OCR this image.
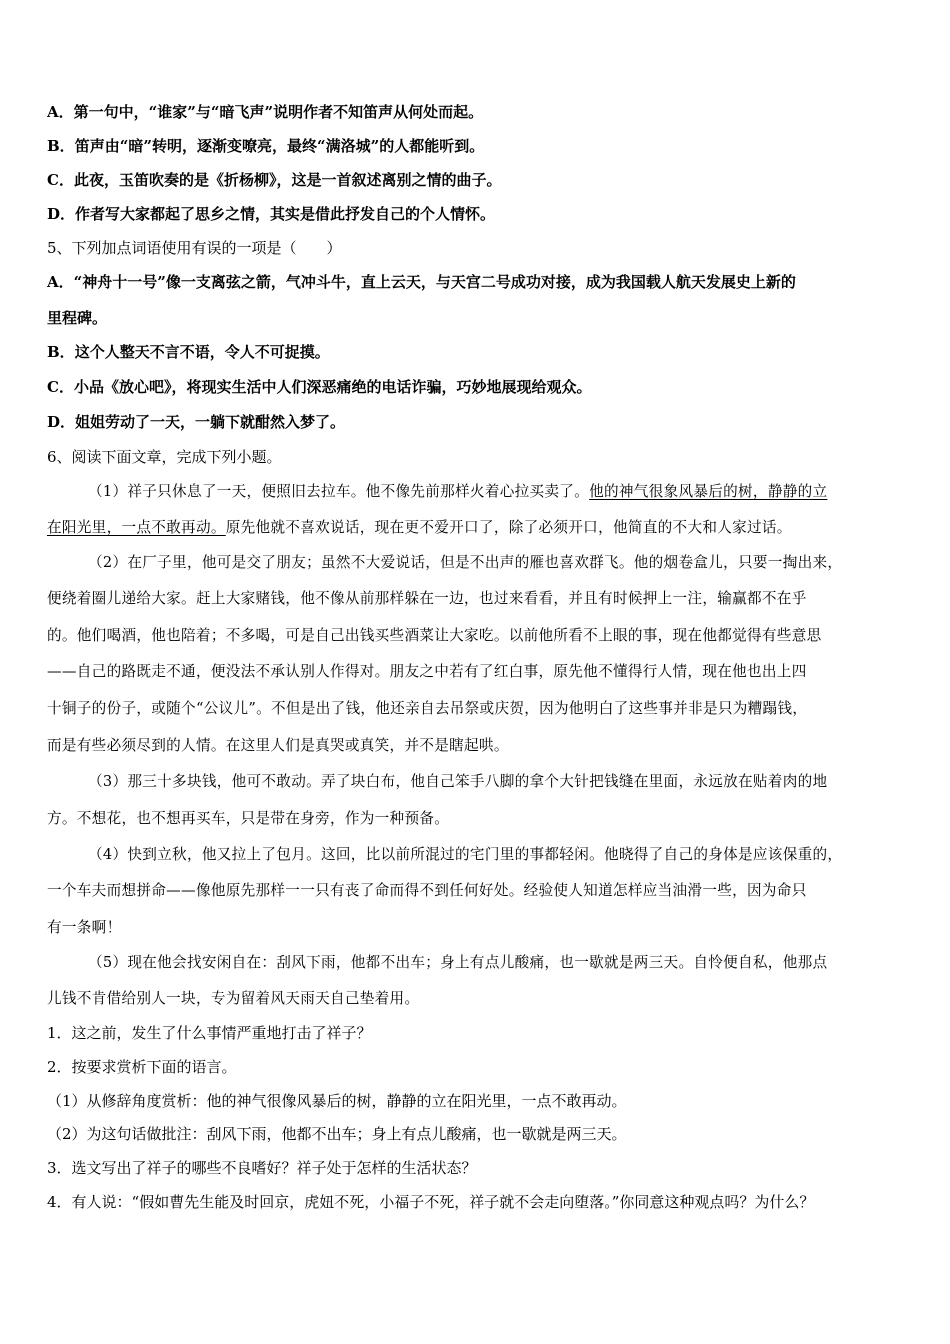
A．第一句中，“谁家”与“暗飞声”说明作者不知笛声从何处而起。
B．笛声由“暗”转明，逐渐变嘹亮，最终“满洛城”的人都能听到。
C．此夜，玉笛吹奏的是《折杨柳》，这是一首叙述离别之情的曲子。
D．作者写大家都起了思乡之情，其实是借此抒发自己的个人情怀。
5、下列加点词语使用有误的一项是（　　）
A．“神舟十一号”像一支离弦之箭，气冲斗牛，直上云天，与天宫二号成功对接，成为我国载人航天发展史上新的
里程碑。
B．这个人整天不言不语，令人不可捉摸。
C．小品《放心吧》，将现实生活中人们深恶痛绝的电话诈骗，巧妙地展现给观众。
D．姐姐劳动了一天，一躺下就酣然入梦了。
6、阅读下面文章，完成下列小题。
（1）祥子只休息了一天，便照旧去拉车。他不像先前那样火着心拉买卖了。他的神气很象风暴后的树，静静的立
在阳光里，一点不敢再动。原先他就不喜欢说话，现在更不爱开口了，除了必须开口，他简直的不大和人家过话。
（2）在厂子里，他可是交了朋友；虽然不大爱说话，但是不出声的雁也喜欢群飞。他的烟卷盒儿，只要一掏出来，
便绕着圈儿递给大家。赶上大家赌钱，他不像从前那样躲在一边，也过来看看，并且有时候押上一注，输赢都不在乎
的。他们喝酒，他也陪着；不多喝，可是自己出钱买些酒菜让大家吃。以前他所看不上眼的事，现在他都觉得有些意思
——自己的路既走不通，便没法不承认别人作得对。朋友之中若有了红白事，原先他不懂得行人情，现在他也出上四
十铜子的份子，或随个“公议儿”。不但是出了钱，他还亲自去吊祭或庆贺，因为他明白了这些事并非是只为糟蹋钱，
而是有些必须尽到的人情。在这里人们是真哭或真笑，并不是瞎起哄。
（3）那三十多块钱，他可不敢动。弄了块白布，他自己笨手八脚的拿个大针把钱缝在里面，永远放在贴着肉的地
方。不想花，也不想再买车，只是带在身旁，作为一种预备。
（4）快到立秋，他又拉上了包月。这回，比以前所混过的宅门里的事都轻闲。他晓得了自己的身体是应该保重的，
一个车夫而想拼命——像他原先那样一一只有丧了命而得不到任何好处。经验使人知道怎样应当油滑一些，因为命只
有一条啊！
（5）现在他会找安闲自在：刮风下雨，他都不出车；身上有点儿酸痛，也一歇就是两三天。自怜便自私，他那点
儿钱不肯借给别人一块，专为留着风天雨天自己垫着用。
1．这之前，发生了什么事情严重地打击了祥子？
2．按要求赏析下面的语言。
（1）从修辞角度赏析：他的神气很像风暴后的树，静静的立在阳光里，一点不敢再动。
（2）为这句话做批注：刮风下雨，他都不出车；身上有点儿酸痛，也一歇就是两三天。
3．选文写出了祥子的哪些不良嗜好？祥子处于怎样的生活状态？
4．有人说：“假如曹先生能及时回京，虎妞不死，小福子不死，祥子就不会走向堕落。”你同意这种观点吗？为什么？
